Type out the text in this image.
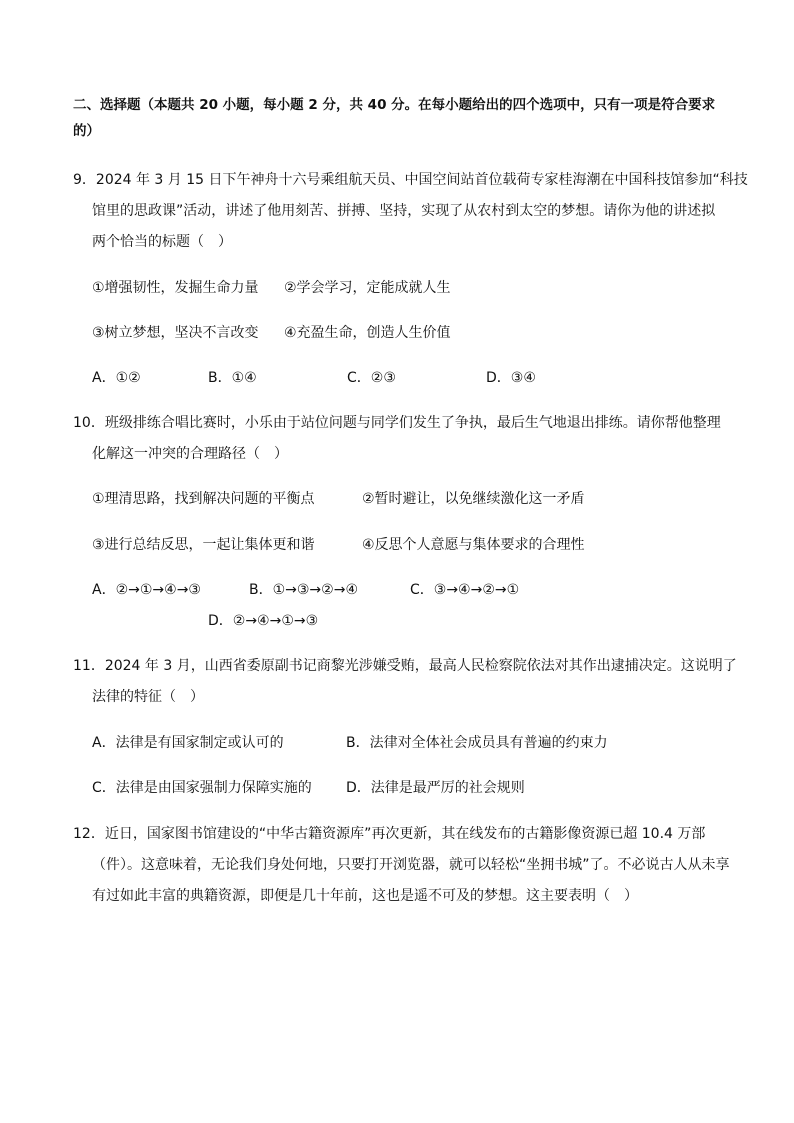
二、选择题（本题共 20 小题，每小题 2 分，共 40 分。在每小题给出的四个选项中，只有一项是符合要求
的）
9．2024 年 3 月 15 日下午神舟十六号乘组航天员、中国空间站首位载荷专家桂海潮在中国科技馆参加“科技
馆里的思政课”活动，讲述了他用刻苦、拼搏、坚持，实现了从农村到太空的梦想。请你为他的讲述拟
两个恰当的标题（　）
①增强韧性，发掘生命力量 ②学会学习，定能成就人生
③树立梦想，坚决不言改变 ④充盈生命，创造人生价值
A．①②	B．①④	C．②③	D．③④
10．班级排练合唱比赛时，小乐由于站位问题与同学们发生了争执，最后生气地退出排练。请你帮他整理
化解这一冲突的合理路径（　）
①理清思路，找到解决问题的平衡点	②暂时避让，以免继续激化这一矛盾
③进行总结反思，一起让集体更和谐	④反思个人意愿与集体要求的合理性
A．②→①→④→③	B．①→③→②→④	C．③→④→②→①
D．②→④→①→③
11．2024 年 3 月，山西省委原副书记商黎光涉嫌受贿，最高人民检察院依法对其作出逮捕决定。这说明了
法律的特征（　）
A．法律是有国家制定或认可的	B．法律对全体社会成员具有普遍的约束力
C．法律是由国家强制力保障实施的 D．法律是最严厉的社会规则
12．近日，国家图书馆建设的“中华古籍资源库”再次更新，其在线发布的古籍影像资源已超 10.4 万部
（件）。这意味着，无论我们身处何地，只要打开浏览器，就可以轻松“坐拥书城”了。不必说古人从未享
有过如此丰富的典籍资源，即便是几十年前，这也是遥不可及的梦想。这主要表明（　）
